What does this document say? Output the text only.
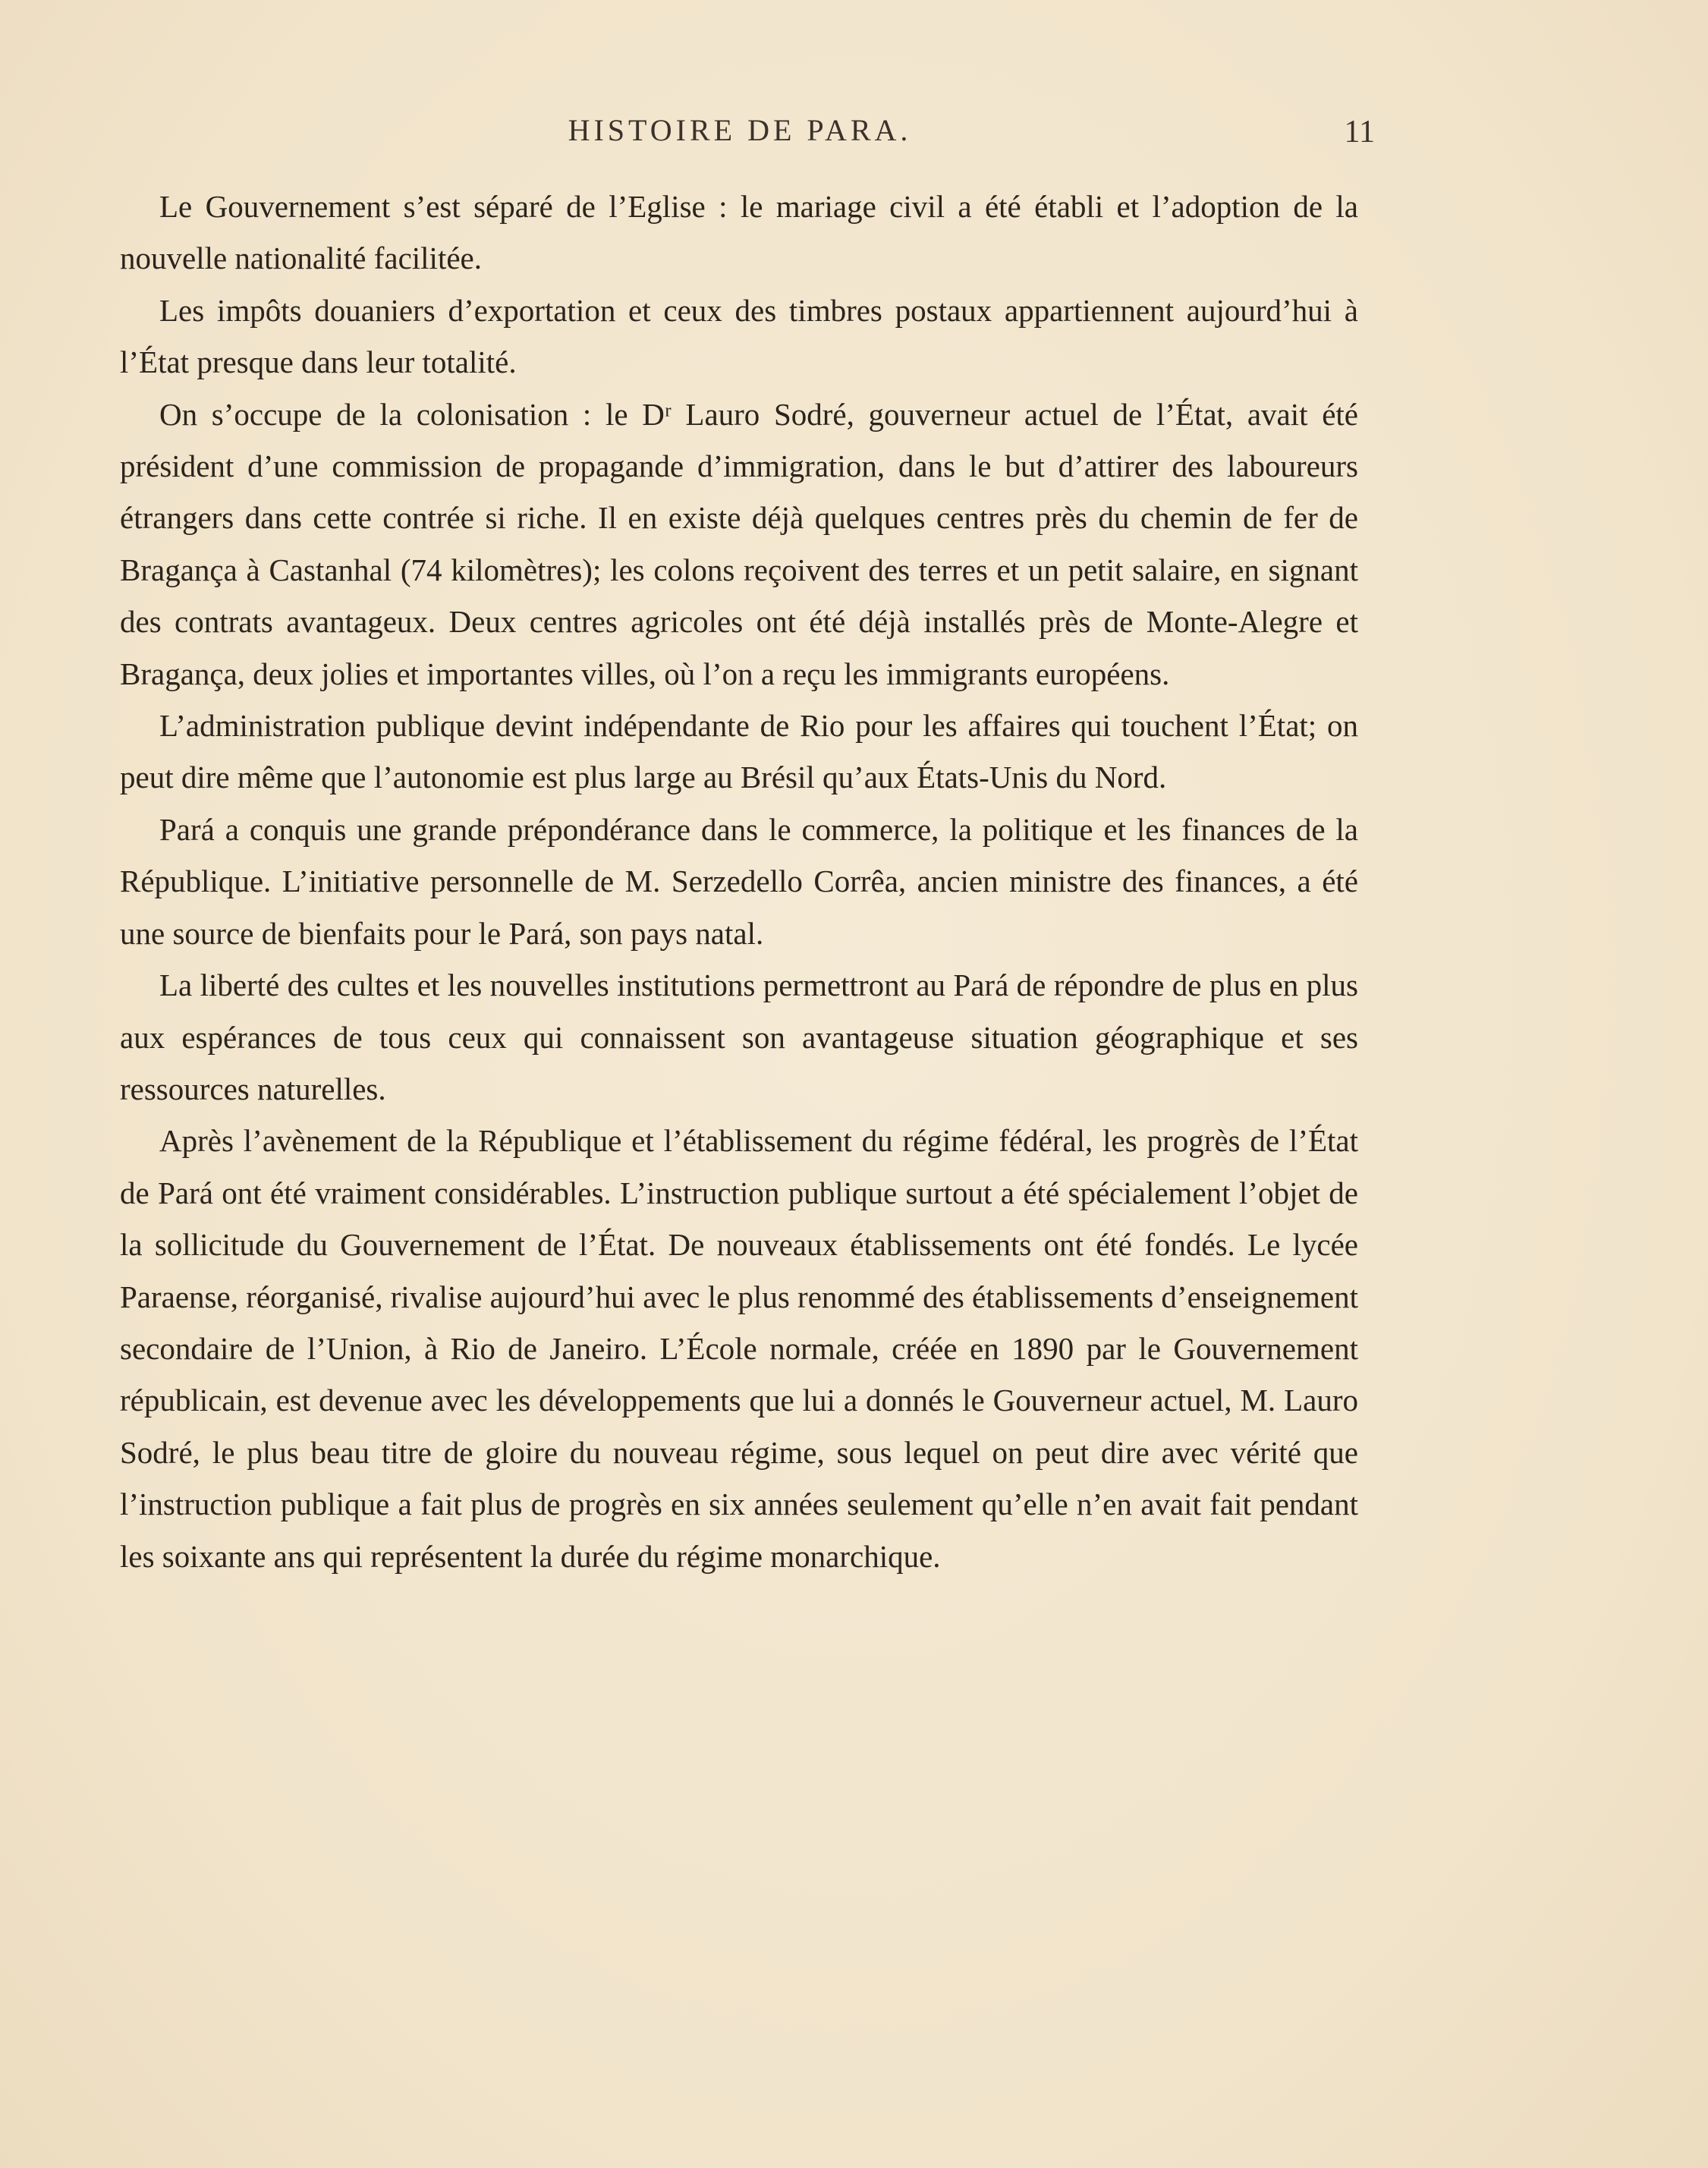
HISTOIRE DE PARA.	11

Le Gouvernement s’est séparé de l’Eglise : le mariage civil a été établi et l’adoption de la nouvelle nationalité facilitée.

Les impôts douaniers d’exportation et ceux des timbres postaux appartiennent aujourd’hui à l’État presque dans leur totalité.

On s’occupe de la colonisation : le Dʳ Lauro Sodré, gouverneur actuel de l’État, avait été président d’une commission de propagande d’immigration, dans le but d’attirer des laboureurs étrangers dans cette contrée si riche. Il en existe déjà quelques centres près du chemin de fer de Bragança à Castanhal (74 kilomètres); les colons reçoivent des terres et un petit salaire, en signant des contrats avantageux. Deux centres agricoles ont été déjà installés près de Monte-Alegre et Bragança, deux jolies et importantes villes, où l’on a reçu les immigrants européens.

L’administration publique devint indépendante de Rio pour les affaires qui touchent l’État; on peut dire même que l’autonomie est plus large au Brésil qu’aux États-Unis du Nord.

Pará a conquis une grande prépondérance dans le commerce, la politique et les finances de la République. L’initiative personnelle de M. Serzedello Corrêa, ancien ministre des finances, a été une source de bienfaits pour le Pará, son pays natal.

La liberté des cultes et les nouvelles institutions permettront au Pará de répondre de plus en plus aux espérances de tous ceux qui connaissent son avantageuse situation géographique et ses ressources naturelles.

Après l’avènement de la République et l’établissement du régime fédéral, les progrès de l’État de Pará ont été vraiment considérables. L’instruction publique surtout a été spécialement l’objet de la sollicitude du Gouvernement de l’État. De nouveaux établissements ont été fondés. Le lycée Paraense, réorganisé, rivalise aujourd’hui avec le plus renommé des établissements d’enseignement secondaire de l’Union, à Rio de Janeiro. L’École normale, créée en 1890 par le Gouvernement républicain, est devenue avec les développements que lui a donnés le Gouverneur actuel, M. Lauro Sodré, le plus beau titre de gloire du nouveau régime, sous lequel on peut dire avec vérité que l’instruction publique a fait plus de progrès en six années seulement qu’elle n’en avait fait pendant les soixante ans qui représentent la durée du régime monarchique.
